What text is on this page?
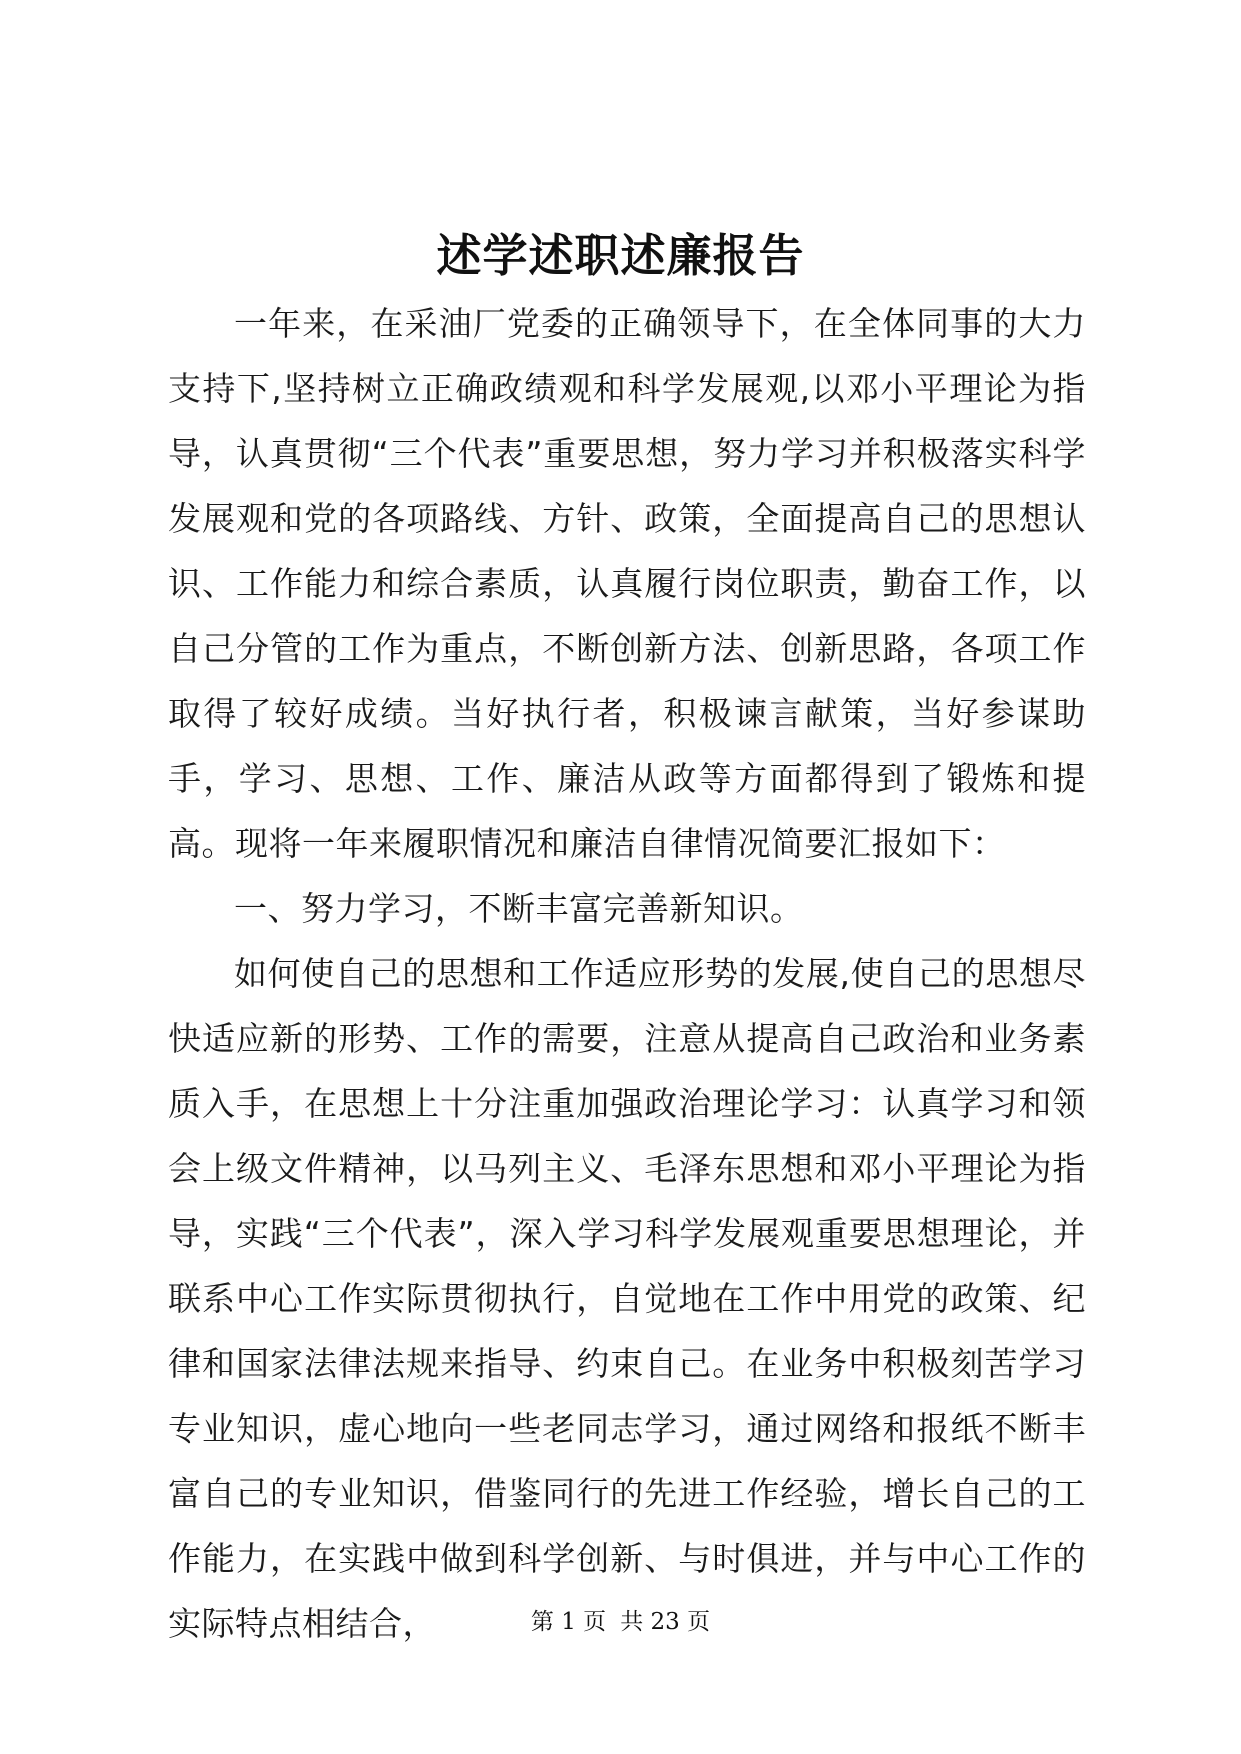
述学述职述廉报告

一年来，在采油厂党委的正确领导下，在全体同事的大力支持下,坚持树立正确政绩观和科学发展观,以邓小平理论为指导，认真贯彻“三个代表”重要思想，努力学习并积极落实科学发展观和党的各项路线、方针、政策，全面提高自己的思想认识、工作能力和综合素质，认真履行岗位职责，勤奋工作，以自己分管的工作为重点，不断创新方法、创新思路，各项工作取得了较好成绩。当好执行者，积极谏言献策，当好参谋助手，学习、思想、工作、廉洁从政等方面都得到了锻炼和提高。现将一年来履职情况和廉洁自律情况简要汇报如下：

一、努力学习，不断丰富完善新知识。

如何使自己的思想和工作适应形势的发展,使自己的思想尽快适应新的形势、工作的需要，注意从提高自己政治和业务素质入手，在思想上十分注重加强政治理论学习：认真学习和领会上级文件精神，以马列主义、毛泽东思想和邓小平理论为指导，实践“三个代表”，深入学习科学发展观重要思想理论，并联系中心工作实际贯彻执行，自觉地在工作中用党的政策、纪律和国家法律法规来指导、约束自己。在业务中积极刻苦学习专业知识，虚心地向一些老同志学习，通过网络和报纸不断丰富自己的专业知识，借鉴同行的先进工作经验，增长自己的工作能力，在实践中做到科学创新、与时俱进，并与中心工作的实际特点相结合，	第 1 页 共 23 页
